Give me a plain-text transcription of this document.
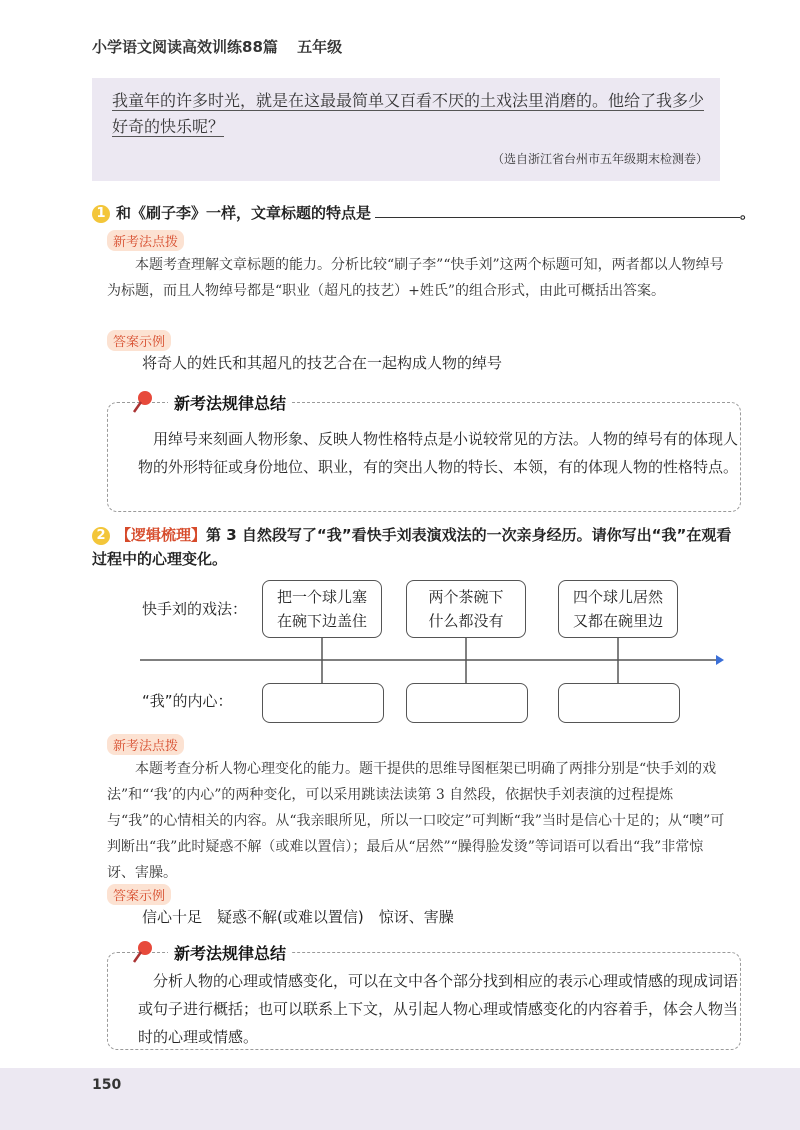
小学语文阅读高效训练88篇 五年级
我童年的许多时光，就是在这最最简单又百看不厌的土戏法里消磨的。他给了我多少好奇的快乐呢？
（选自浙江省台州市五年级期末检测卷）
1 和《刷子李》一样，文章标题的特点是	。
新考法点拨
本题考查理解文章标题的能力。分析比较“刷子李”“快手刘”这两个标题可知，两者都以人物绰号为标题，而且人物绰号都是“职业（超凡的技艺）+姓氏”的组合形式，由此可概括出答案。
答案示例
将奇人的姓氏和其超凡的技艺合在一起构成人物的绰号
新考法规律总结
用绰号来刻画人物形象、反映人物性格特点是小说较常见的方法。人物的绰号有的体现人物的外形特征或身份地位、职业，有的突出人物的特长、本领，有的体现人物的性格特点。
2 【逻辑梳理】第 3 自然段写了“我”看快手刘表演戏法的一次亲身经历。请你写出“我”在观看过程中的心理变化。
快手刘的戏法：
“我”的内心：
把一个球儿塞
在碗下边盖住
两个茶碗下
什么都没有
四个球儿居然
又都在碗里边
新考法点拨
本题考查分析人物心理变化的能力。题干提供的思维导图框架已明确了两排分别是“快手刘的戏法”和“‘我’的内心”的两种变化，可以采用跳读法读第 3 自然段，依据快手刘表演的过程提炼与“我”的心情相关的内容。从“我亲眼所见，所以一口咬定”可判断“我”当时是信心十足的；从“噢”可判断出“我”此时疑惑不解（或难以置信）；最后从“居然”“臊得脸发烫”等词语可以看出“我”非常惊讶、害臊。
答案示例
信心十足　疑惑不解(或难以置信)　惊讶、害臊
新考法规律总结
分析人物的心理或情感变化，可以在文中各个部分找到相应的表示心理或情感的现成词语或句子进行概括；也可以联系上下文，从引起人物心理或情感变化的内容着手，体会人物当时的心理或情感。
150
